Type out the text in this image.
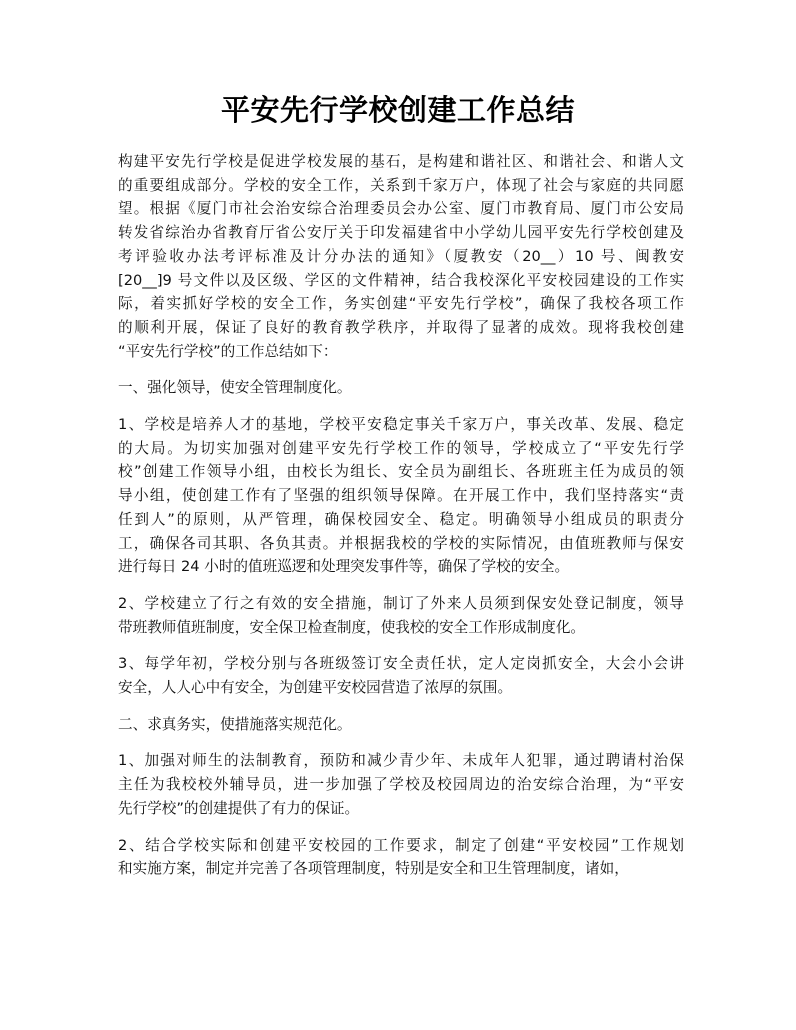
平安先行学校创建工作总结

构建平安先行学校是促进学校发展的基石，是构建和谐社区、和谐社会、和谐人文
的重要组成部分。学校的安全工作，关系到千家万户，体现了社会与家庭的共同愿
望。根据《厦门市社会治安综合治理委员会办公室、厦门市教育局、厦门市公安局
转发省综治办省教育厅省公安厅关于印发福建省中小学幼儿园平安先行学校创建及
考评验收办法考评标准及计分办法的通知》（厦教安（20__）10 号、闽教安
[20__]9 号文件以及区级、学区的文件精神，结合我校深化平安校园建设的工作实
际，着实抓好学校的安全工作，务实创建“平安先行学校”，确保了我校各项工作
的顺利开展，保证了良好的教育教学秩序，并取得了显著的成效。现将我校创建
“平安先行学校”的工作总结如下：

一、强化领导，使安全管理制度化。

1、学校是培养人才的基地，学校平安稳定事关千家万户，事关改革、发展、稳定
的大局。为切实加强对创建平安先行学校工作的领导，学校成立了“平安先行学
校”创建工作领导小组，由校长为组长、安全员为副组长、各班班主任为成员的领
导小组，使创建工作有了坚强的组织领导保障。在开展工作中，我们坚持落实“责
任到人”的原则，从严管理，确保校园安全、稳定。明确领导小组成员的职责分
工，确保各司其职、各负其责。并根据我校的学校的实际情况，由值班教师与保安
进行每日 24 小时的值班巡逻和处理突发事件等，确保了学校的安全。

2、学校建立了行之有效的安全措施，制订了外来人员须到保安处登记制度，领导
带班教师值班制度，安全保卫检查制度，使我校的安全工作形成制度化。

3、每学年初，学校分别与各班级签订安全责任状，定人定岗抓安全，大会小会讲
安全，人人心中有安全，为创建平安校园营造了浓厚的氛围。

二、求真务实，使措施落实规范化。

1、加强对师生的法制教育，预防和减少青少年、未成年人犯罪，通过聘请村治保
主任为我校校外辅导员，进一步加强了学校及校园周边的治安综合治理，为“平安
先行学校”的创建提供了有力的保证。

2、结合学校实际和创建平安校园的工作要求，制定了创建“平安校园”工作规划
和实施方案，制定并完善了各项管理制度，特别是安全和卫生管理制度，诸如，
